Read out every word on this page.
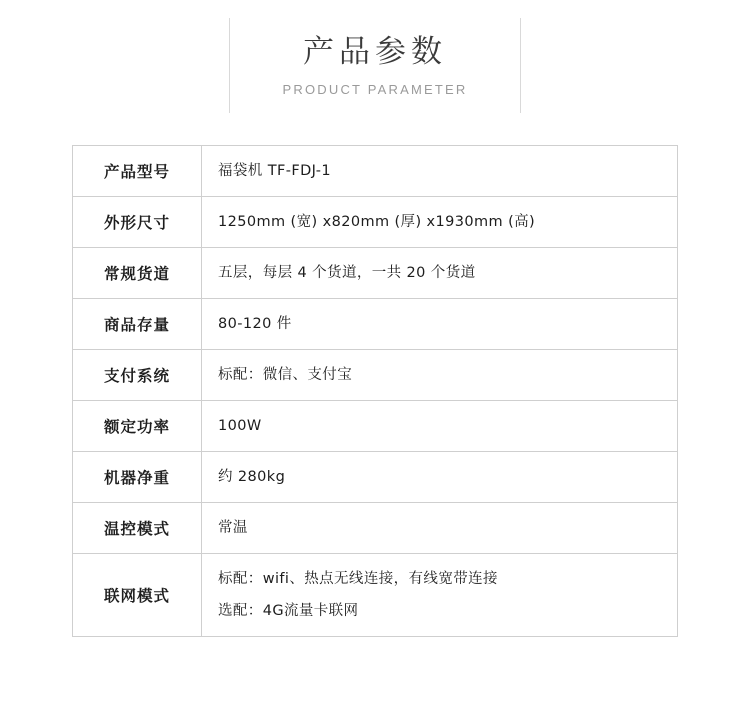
产品参数
PRODUCT PARAMETER
产品型号	福袋机 TF-FDJ-1

外形尺寸	1250mm (宽) x820mm (厚) x1930mm (高)

常规货道	五层，每层 4 个货道，一共 20 个货道

商品存量	80-120 件

支付系统	标配：微信、支付宝

额定功率	100W

机器净重	约 280kg

温控模式	常温

联网模式	标配：wifi、热点无线连接，有线宽带连接
选配：4G流量卡联网
